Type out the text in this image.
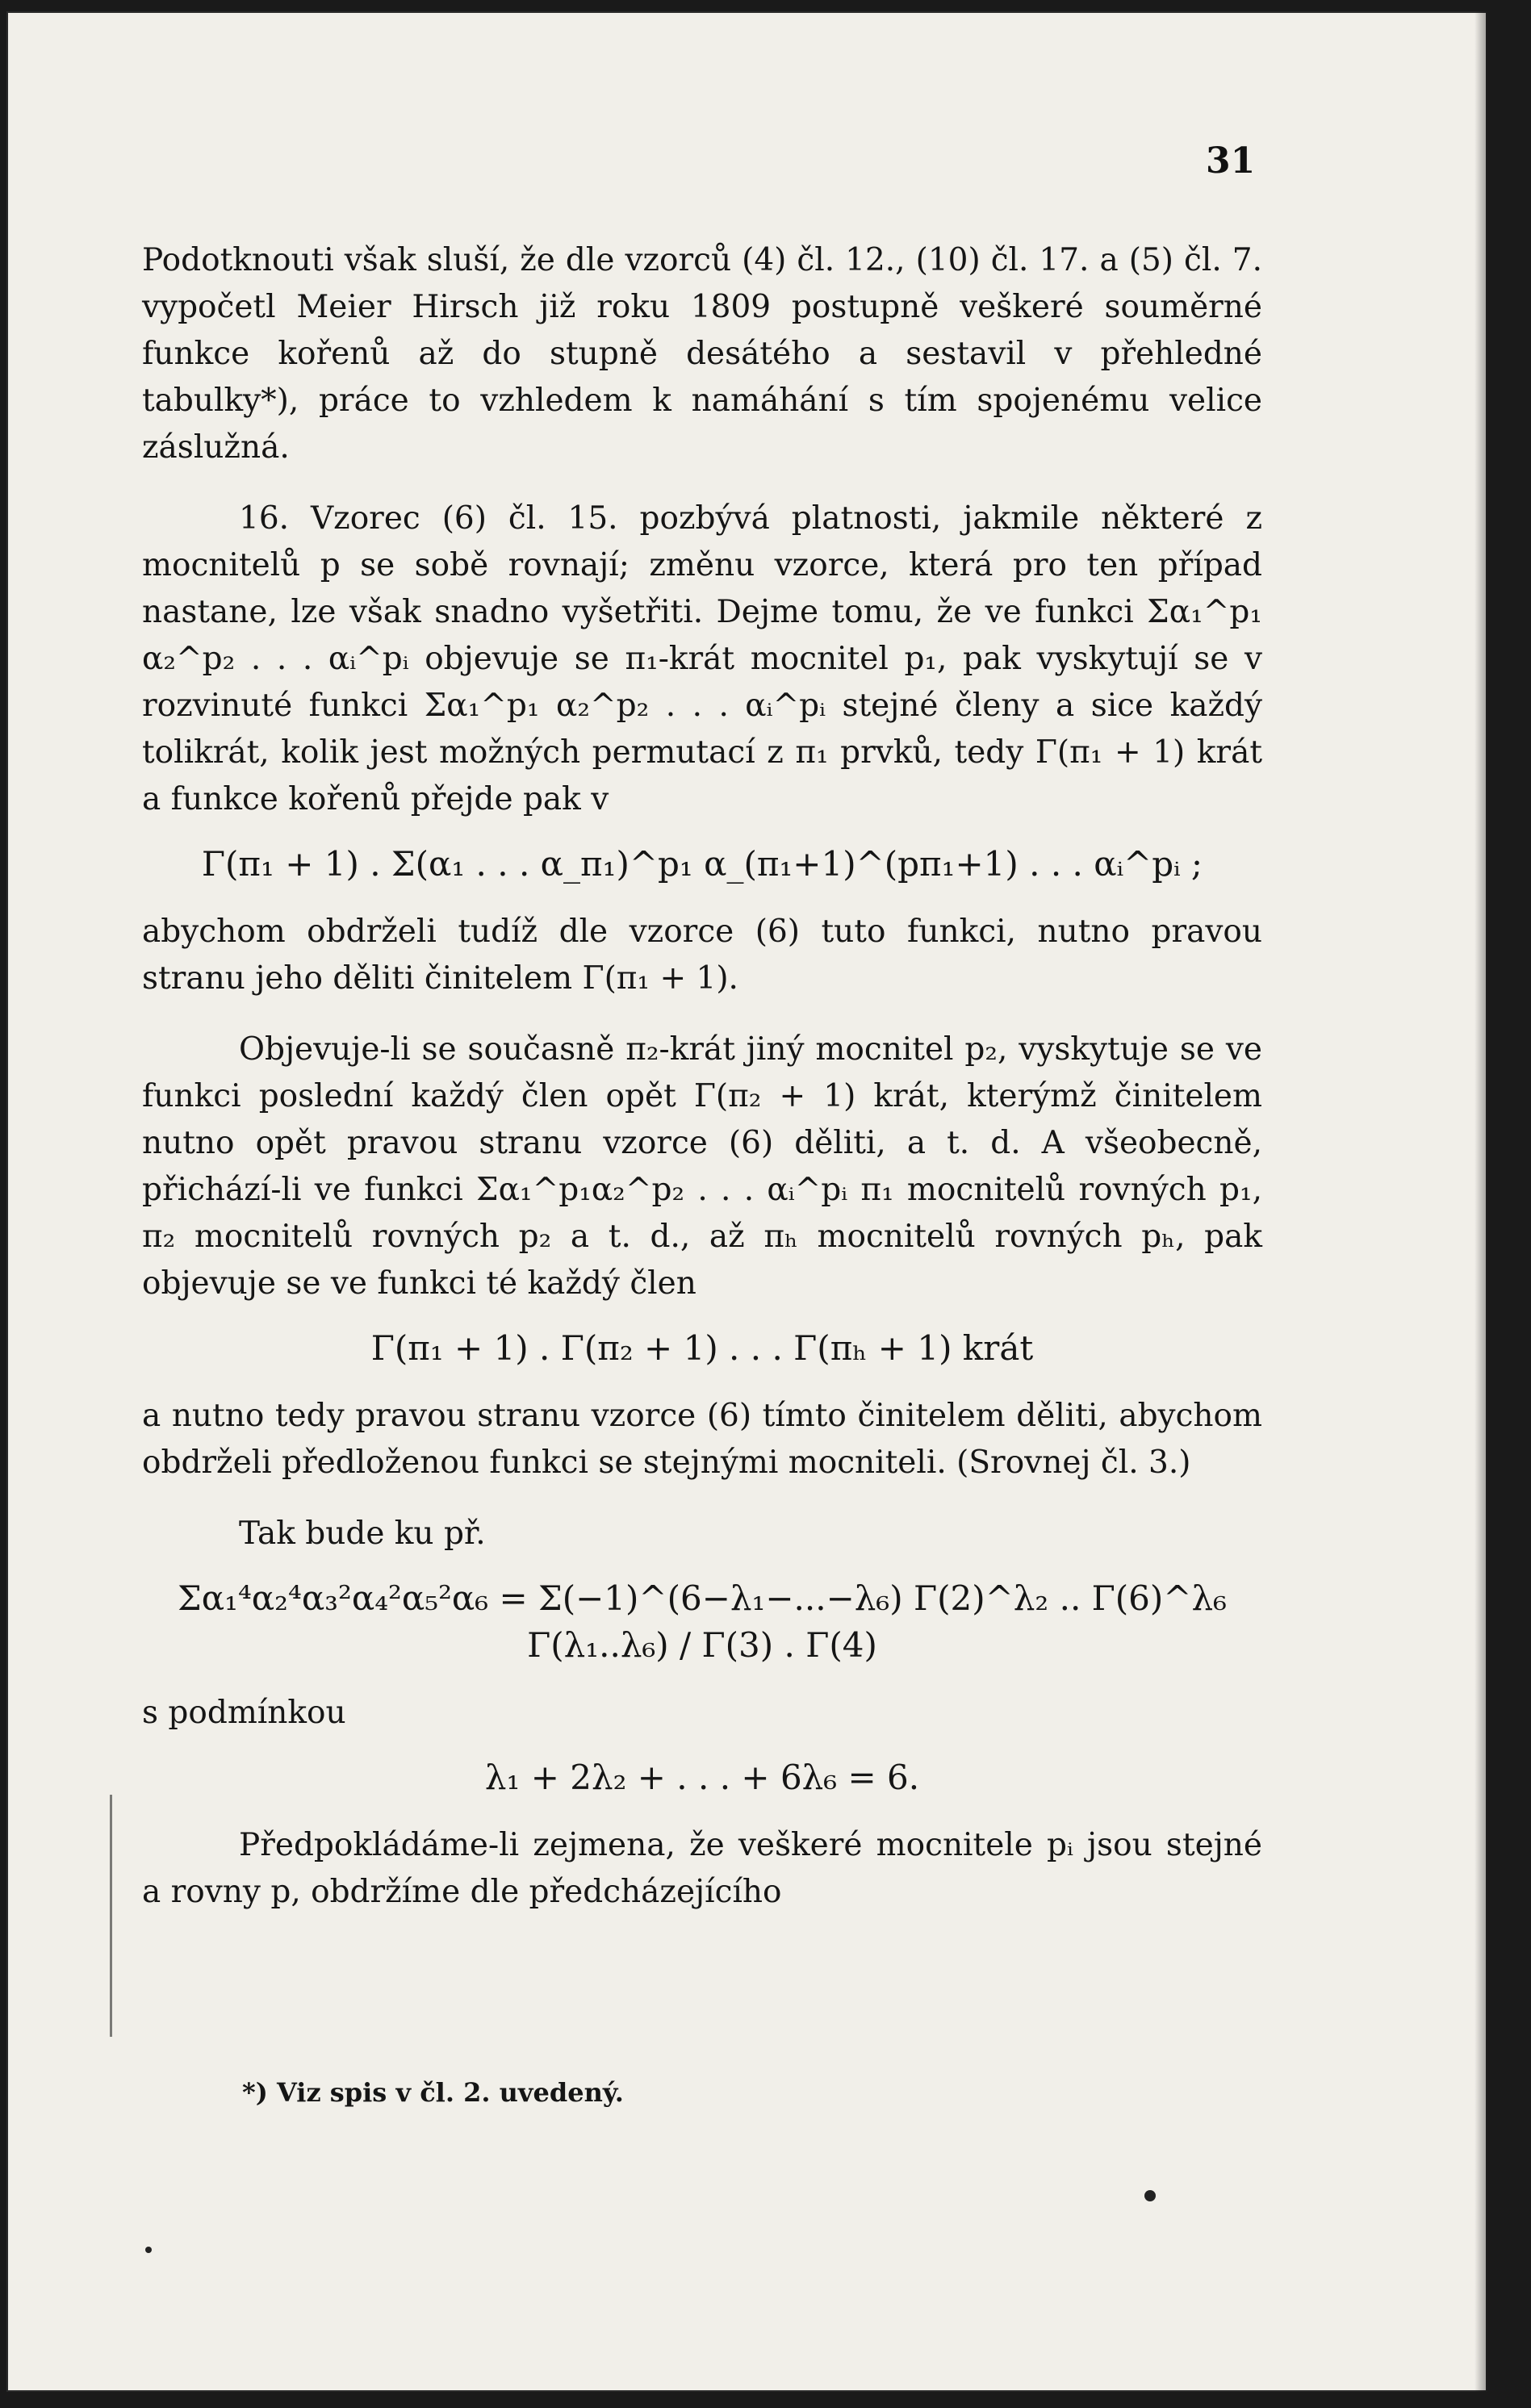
31

Podotknouti však sluší, že dle vzorců (4) čl. 12., (10) čl. 17. a (5) čl. 7. vypočetl Meier Hirsch již roku 1809 postupně veškeré souměrné funkce kořenů až do stupně desátého a sestavil v přehledné tabulky*), práce to vzhledem k namáhání s tím spojenému velice záslužná.

16. Vzorec (6) čl. 15. pozbývá platnosti, jakmile některé z mocnitelů p se sobě rovnají; změnu vzorce, která pro ten případ nastane, lze však snadno vyšetřiti. Dejme tomu, že ve funkci Σα₁^p₁ α₂^p₂ . . . αᵢ^pᵢ objevuje se π₁-krát mocnitel p₁, pak vyskytují se v rozvinuté funkci Σα₁^p₁ α₂^p₂ . . . αᵢ^pᵢ stejné členy a sice každý tolikrát, kolik jest možných permutací z π₁ prvků, tedy Γ(π₁ + 1) krát a funkce kořenů přejde pak v

Γ(π₁ + 1) . Σ(α₁ . . . α_π₁)^p₁ α_(π₁+1)^(pπ₁+1) . . . αᵢ^pᵢ ;

abychom obdrželi tudíž dle vzorce (6) tuto funkci, nutno pravou stranu jeho děliti činitelem Γ(π₁ + 1).

Objevuje-li se současně π₂-krát jiný mocnitel p₂, vyskytuje se ve funkci poslední každý člen opět Γ(π₂ + 1) krát, kterýmž činitelem nutno opět pravou stranu vzorce (6) děliti, a t. d. A všeobecně, přichází-li ve funkci Σα₁^p₁α₂^p₂ . . . αᵢ^pᵢ π₁ mocnitelů rovných p₁, π₂ mocnitelů rovných p₂ a t. d., až πₕ mocnitelů rovných pₕ, pak objevuje se ve funkci té každý člen

Γ(π₁ + 1) . Γ(π₂ + 1) . . . Γ(πₕ + 1) krát

a nutno tedy pravou stranu vzorce (6) tímto činitelem děliti, abychom obdrželi předloženou funkci se stejnými mocniteli. (Srovnej čl. 3.)

Tak bude ku př.

Σα₁⁴α₂⁴α₃²α₄²α₅²α₆ = Σ(−1)^(6−λ₁−...−λ₆) Γ(2)^λ₂ .. Γ(6)^λ₆ Γ(λ₁..λ₆) / Γ(3) . Γ(4)

s podmínkou

λ₁ + 2λ₂ + . . . + 6λ₆ = 6.

Předpokládáme-li zejmena, že veškeré mocnitele pᵢ jsou stejné a rovny p, obdržíme dle předcházejícího

*) Viz spis v čl. 2. uvedený.
